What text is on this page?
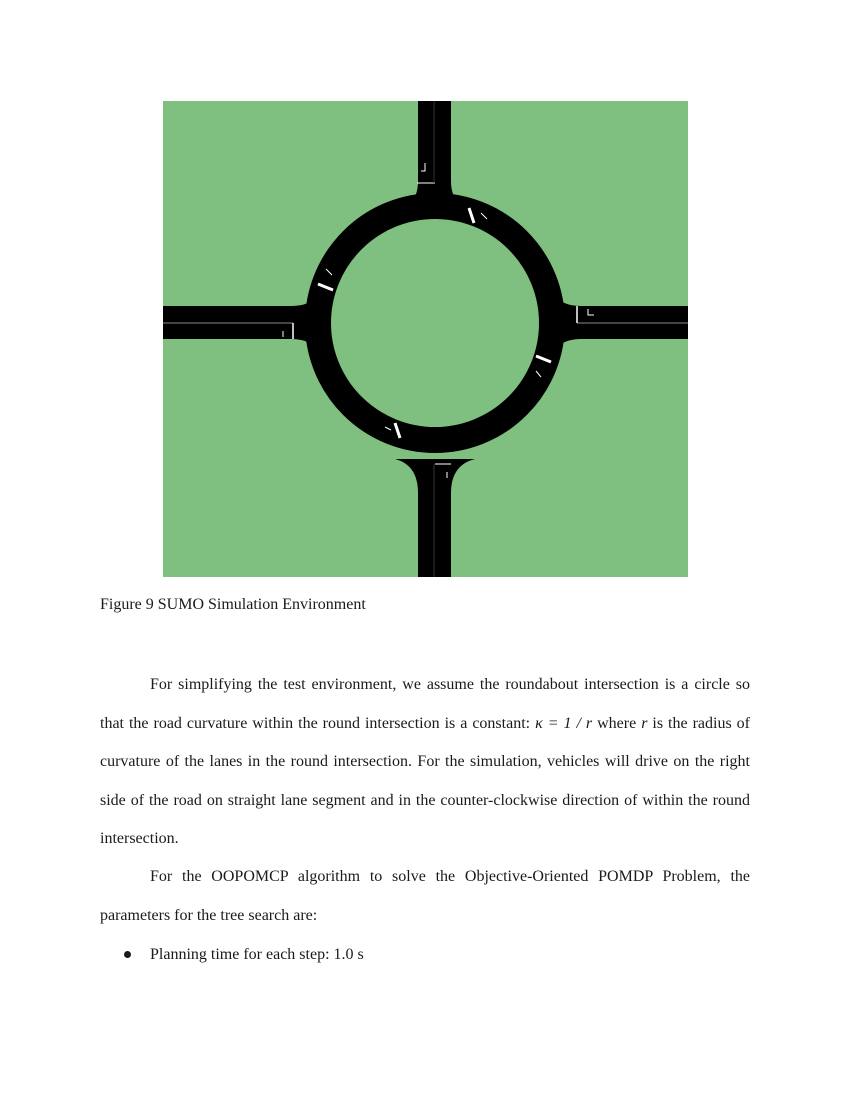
Figure 9 SUMO Simulation Environment

For simplifying the test environment, we assume the roundabout intersection is a circle so that the road curvature within the round intersection is a constant: κ = 1 / r where r is the radius of curvature of the lanes in the round intersection. For the simulation, vehicles will drive on the right side of the road on straight lane segment and in the counter-clockwise direction of within the round intersection.

For the OOPOMCP algorithm to solve the Objective-Oriented POMDP Problem, the parameters for the tree search are:

Planning time for each step: 1.0 s
